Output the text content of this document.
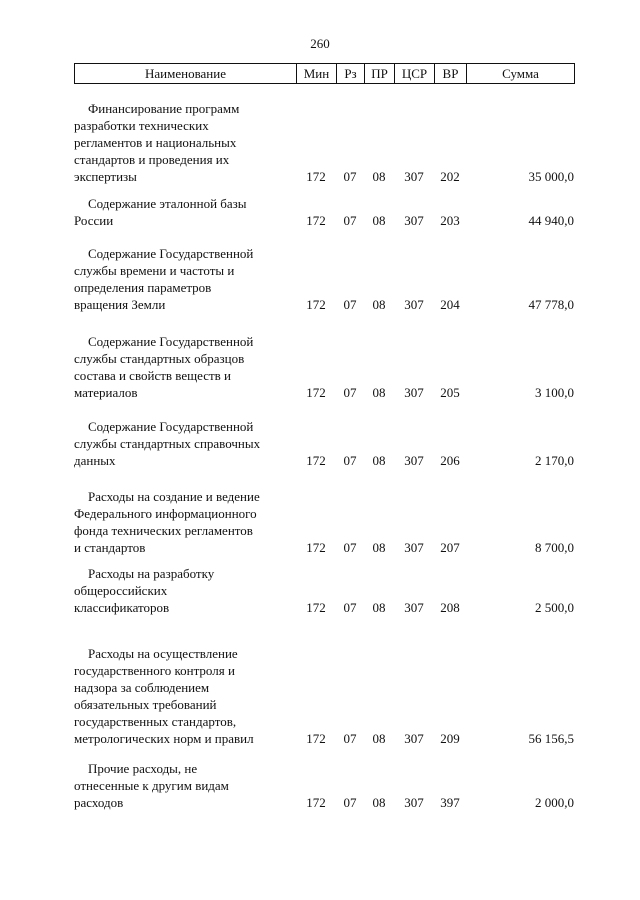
260
Наименование	Мин	Рз	ПР	ЦСР	ВР	Сумма
Финансирование программ
разработки технических
регламентов и национальных
стандартов и проведения их
экспертизы	172	07	08	307	202	35 000,0
Содержание эталонной базы
России	172	07	08	307	203	44 940,0
Содержание Государственной
службы времени и частоты и
определения параметров
вращения Земли	172	07	08	307	204	47 778,0
Содержание Государственной
службы стандартных образцов
состава и свойств веществ и
материалов	172	07	08	307	205	3 100,0
Содержание Государственной
службы стандартных справочных
данных	172	07	08	307	206	2 170,0
Расходы на создание и ведение
Федерального информационного
фонда технических регламентов
и стандартов	172	07	08	307	207	8 700,0
Расходы на разработку
общероссийских
классификаторов	172	07	08	307	208	2 500,0
Расходы на осуществление
государственного контроля и
надзора за соблюдением
обязательных требований
государственных стандартов,
метрологических норм и правил	172	07	08	307	209	56 156,5
Прочие расходы, не
отнесенные к другим видам
расходов	172	07	08	307	397	2 000,0
